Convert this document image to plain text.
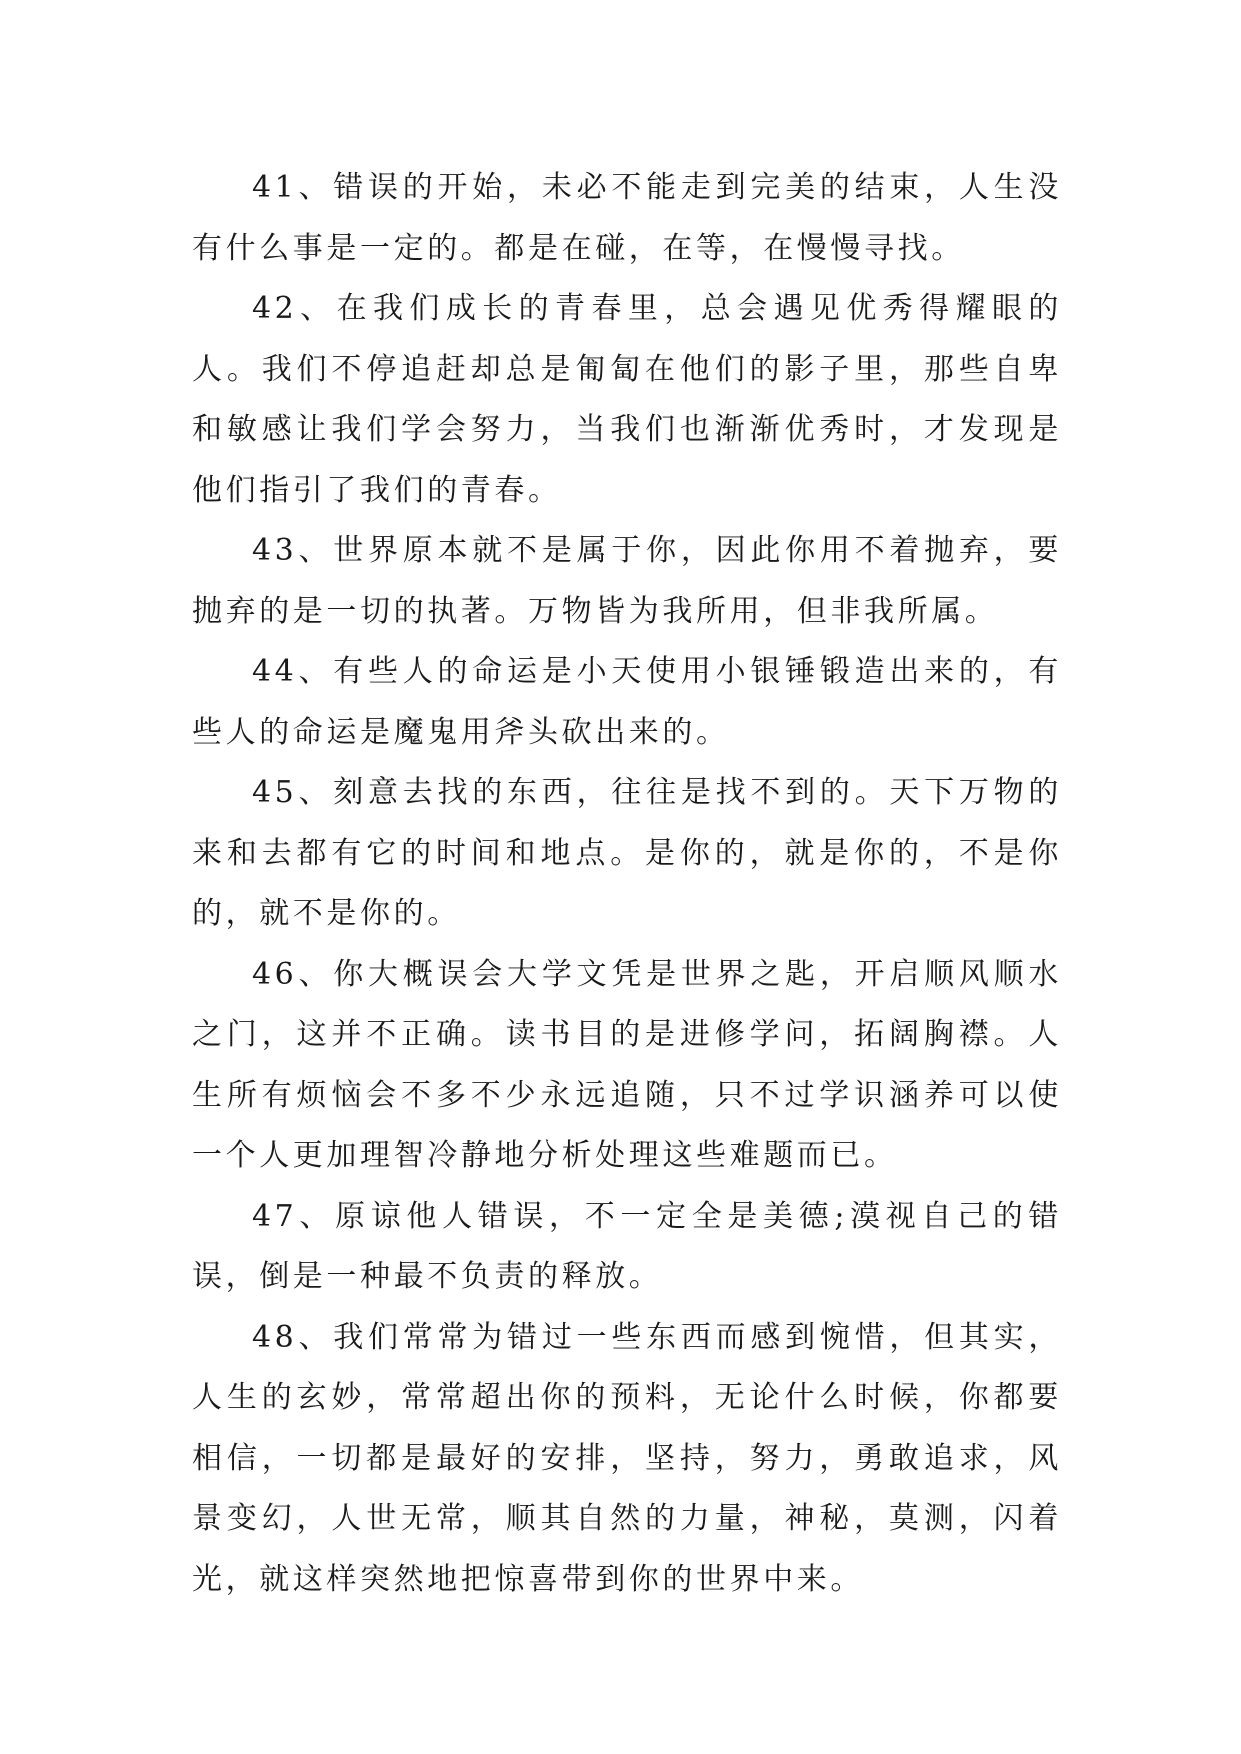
41、错误的开始，未必不能走到完美的结束，人生没有什么事是一定的。都是在碰，在等，在慢慢寻找。

42、在我们成长的青春里，总会遇见优秀得耀眼的人。我们不停追赶却总是匍匐在他们的影子里，那些自卑和敏感让我们学会努力，当我们也渐渐优秀时，才发现是他们指引了我们的青春。

43、世界原本就不是属于你，因此你用不着抛弃，要抛弃的是一切的执著。万物皆为我所用，但非我所属。

44、有些人的命运是小天使用小银锤锻造出来的，有些人的命运是魔鬼用斧头砍出来的。

45、刻意去找的东西，往往是找不到的。天下万物的来和去都有它的时间和地点。是你的，就是你的，不是你的，就不是你的。

46、你大概误会大学文凭是世界之匙，开启顺风顺水之门，这并不正确。读书目的是进修学问，拓阔胸襟。人生所有烦恼会不多不少永远追随，只不过学识涵养可以使一个人更加理智冷静地分析处理这些难题而已。

47、原谅他人错误，不一定全是美德;漠视自己的错误，倒是一种最不负责的释放。

48、我们常常为错过一些东西而感到惋惜，但其实，人生的玄妙，常常超出你的预料，无论什么时候，你都要相信，一切都是最好的安排，坚持，努力，勇敢追求，风景变幻，人世无常，顺其自然的力量，神秘，莫测，闪着光，就这样突然地把惊喜带到你的世界中来。
